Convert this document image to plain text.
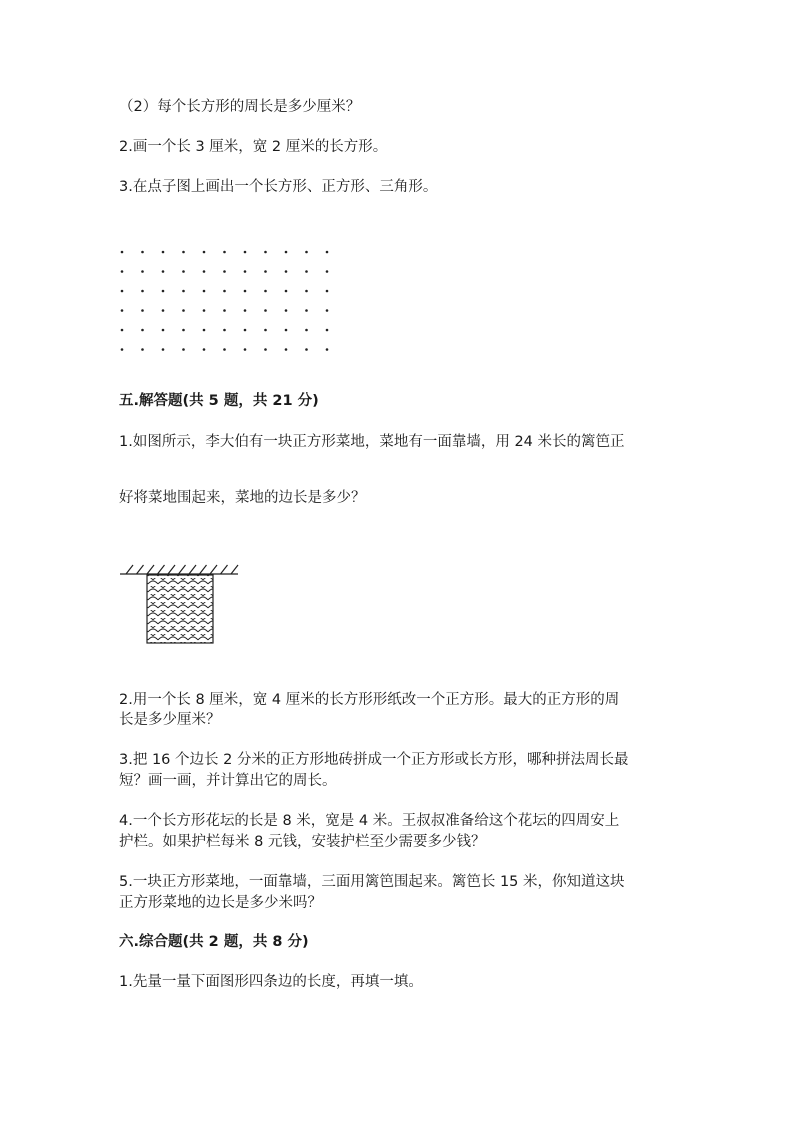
（2）每个长方形的周长是多少厘米？
2.画一个长 3 厘米，宽 2 厘米的长方形。
3.在点子图上画出一个长方形、正方形、三角形。
五.解答题(共 5 题，共 21 分)
1.如图所示，李大伯有一块正方形菜地，菜地有一面靠墙，用 24 米长的篱笆正
好将菜地围起来，菜地的边长是多少？
2.用一个长 8 厘米，宽 4 厘米的长方形形纸改一个正方形。最大的正方形的周
长是多少厘米？
3.把 16 个边长 2 分米的正方形地砖拼成一个正方形或长方形，哪种拼法周长最
短？画一画，并计算出它的周长。
4.一个长方形花坛的长是 8 米，宽是 4 米。王叔叔准备给这个花坛的四周安上
护栏。如果护栏每米 8 元钱，安装护栏至少需要多少钱？
5.一块正方形菜地，一面靠墙，三面用篱笆围起来。篱笆长 15 米，你知道这块
正方形菜地的边长是多少米吗？
六.综合题(共 2 题，共 8 分)
1.先量一量下面图形四条边的长度，再填一填。
